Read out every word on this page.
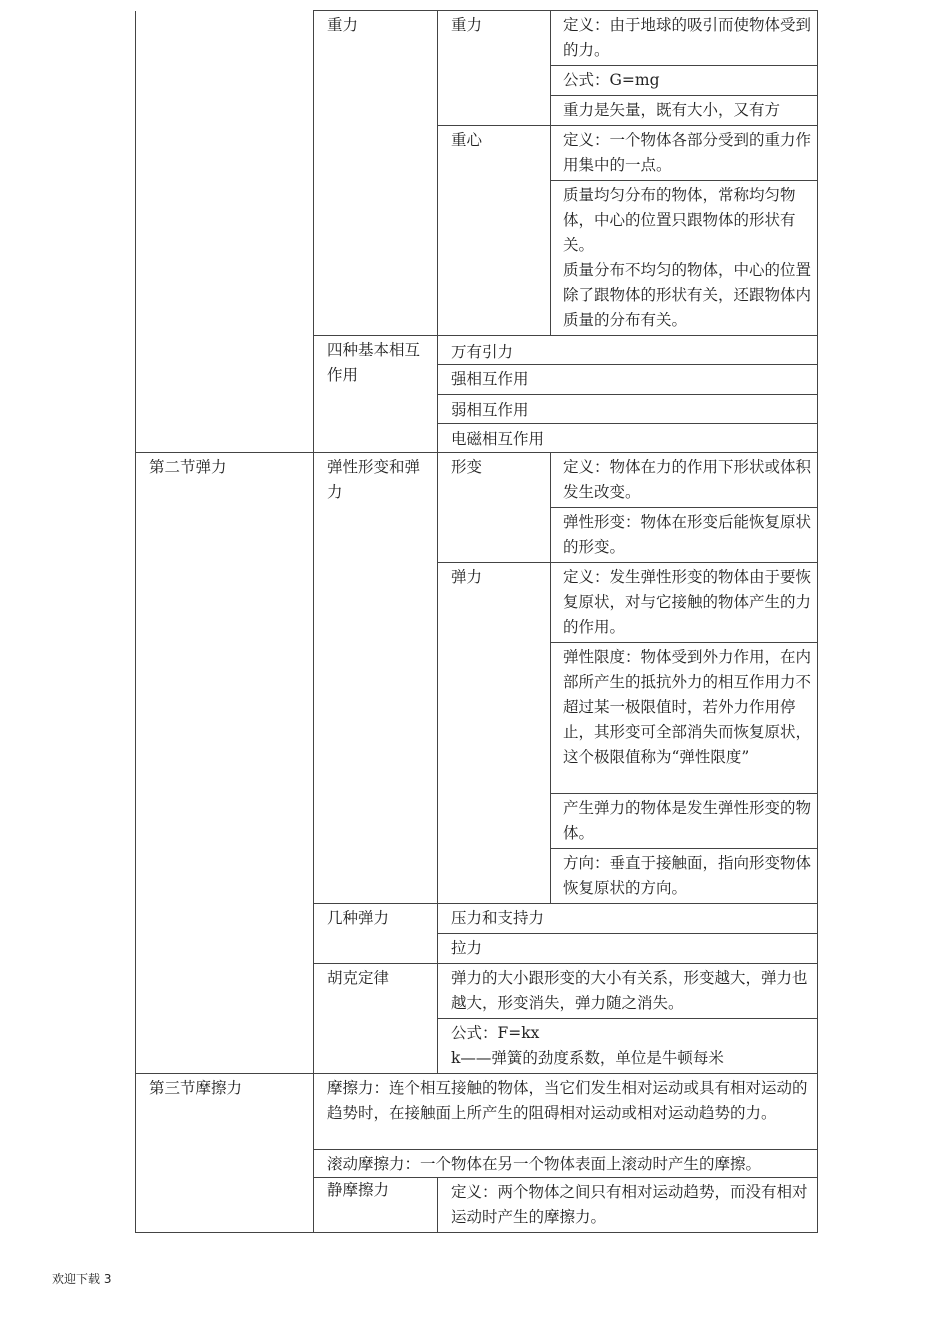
	重力	重力	定义：由于地球的吸引而使物体受到的力。
			公式：G=mg
			重力是矢量，既有大小，又有方
		重心	定义：一个物体各部分受到的重力作用集中的一点。

			质量均匀分布的物体，常称均匀物体，中心的位置只跟物体的形状有关。
质量分布不均匀的物体，中心的位置除了跟物体的形状有关，还跟物体内质量的分布有关。

	四种基本相互作用	万有引力	
		强相互作用	
		弱相互作用	
		电磁相互作用	

第二节弹力	弹性形变和弹力	形变	定义：物体在力的作用下形状或体积发生改变。
			弹性形变：物体在形变后能恢复原状的形变。
		弹力	定义：发生弹性形变的物体由于要恢复原状，对与它接触的物体产生的力的作用。
			弹性限度：物体受到外力作用，在内部所产生的抵抗外力的相互作用力不超过某一极限值时，若外力作用停止，其形变可全部消失而恢复原状，这个极限值称为“弹性限度”
			产生弹力的物体是发生弹性形变的物体。
			方向：垂直于接触面，指向形变物体恢复原状的方向。
	几种弹力	压力和支持力	
		拉力	
	胡克定律	弹力的大小跟形变的大小有关系，形变越大，弹力也越大，形变消失，弹力随之消失。	

		公式：F=kx
k——弹簧的劲度系数，单位是牛顿每米	

第三节摩擦力	摩擦力：连个相互接触的物体，当它们发生相对运动或具有相对运动的趋势时，在接触面上所产生的阻碍相对运动或相对运动趋势的力。		
	滚动摩擦力：一个物体在另一个物体表面上滚动时产生的摩擦。		
	静摩擦力	定义：两个物体之间只有相对运动趋势，而没有相对运动时产生的摩擦力。	
欢迎下载 3
